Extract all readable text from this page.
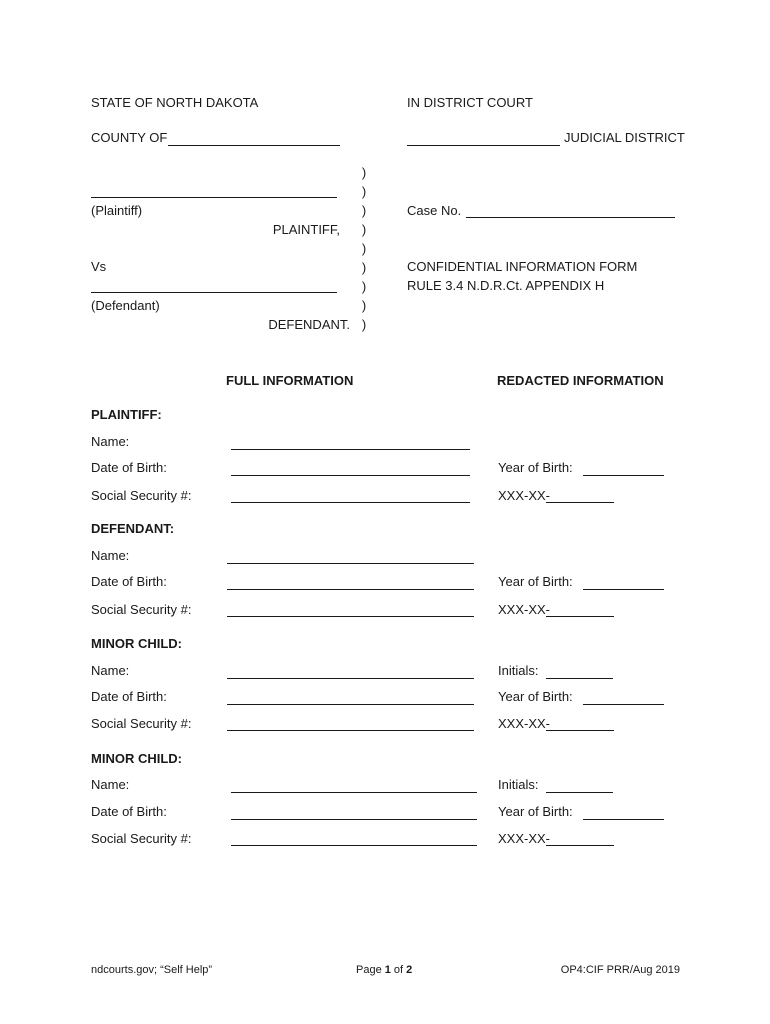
STATE OF NORTH DAKOTA	IN DISTRICT COURT
COUNTY OF	JUDICIAL DISTRICT
(Plaintiff)
PLAINTIFF,
Vs
(Defendant)
DEFENDANT.
)
)
)
)
)
)
)
)
)
Case No.
CONFIDENTIAL INFORMATION FORM
RULE 3.4 N.D.R.Ct. APPENDIX H
FULL INFORMATION	REDACTED INFORMATION
PLAINTIFF:
Name:
Date of Birth:	Year of Birth:
Social Security #:	XXX-XX-
DEFENDANT:
Name:
Date of Birth:	Year of Birth:
Social Security #:	XXX-XX-
MINOR CHILD:
Name:	Initials:
Date of Birth:	Year of Birth:
Social Security #:	XXX-XX-
MINOR CHILD:
Name:	Initials:
Date of Birth:	Year of Birth:
Social Security #:	XXX-XX-
ndcourts.gov; “Self Help”	Page 1 of 2	OP4:CIF PRR/Aug 2019
